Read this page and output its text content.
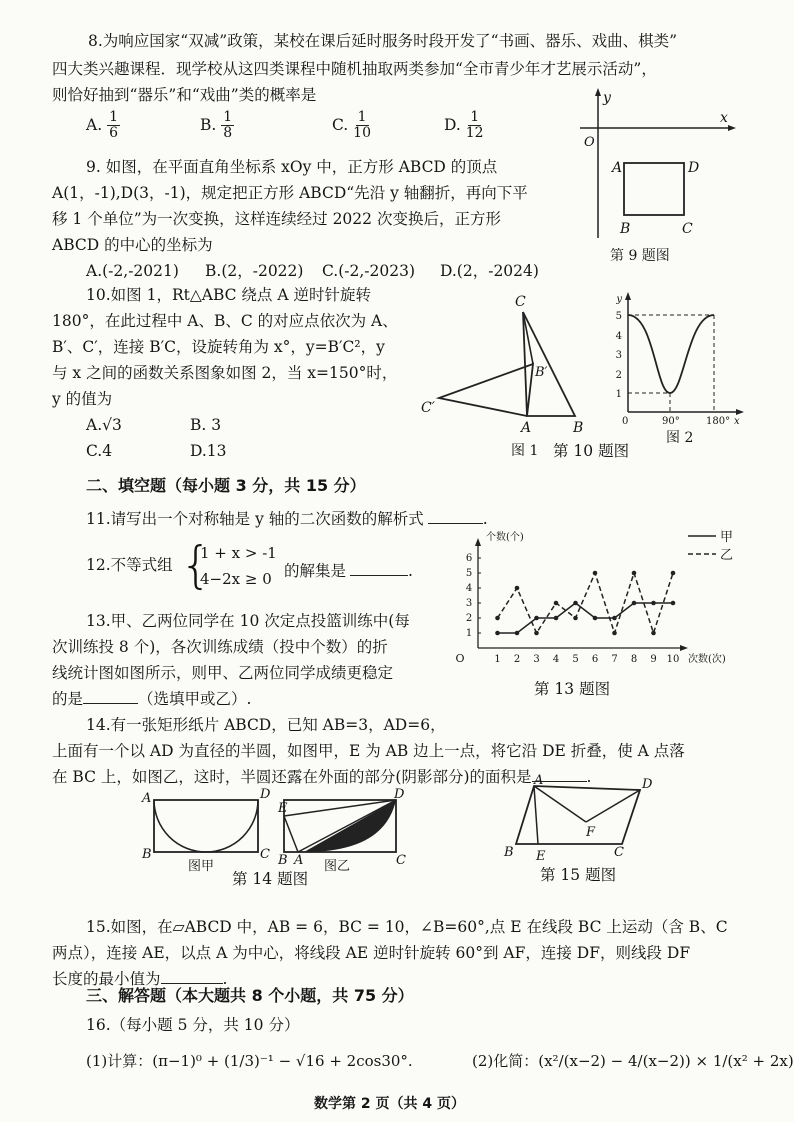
8.为响应国家“双减”政策，某校在课后延时服务时段开发了“书画、器乐、戏曲、棋类”
四大类兴趣课程．现学校从这四类课程中随机抽取两类参加“全市青少年才艺展示活动”，
则恰好抽到“器乐”和“戏曲”类的概率是
A. $\frac{1}{6}$	B. $\frac{1}{8}$	C. $\frac{1}{10}$	D. $\frac{1}{12}$
9. 如图，在平面直角坐标系 xOy 中，正方形 ABCD 的顶点
A(1，-1),D(3，-1)，规定把正方形 ABCD“先沿 y 轴翻折，再向下平
移 1 个单位”为一次变换，这样连续经过 2022 次变换后，正方形
ABCD 的中心的坐标为
A.(-2,-2021) B.(2，-2022) C.(-2,-2023) D.(2，-2024)
y
x
O
A	D
B	C
第 9 题图
10.如图 1，Rt△ABC 绕点 A 逆时针旋转
180°，在此过程中 A、B、C 的对应点依次为 A、
B′、C′，连接 B′C，设旋转角为 x°，y=B′C²，y
与 x 之间的函数关系图象如图 2，当 x=150°时，
y 的值为
A.√3	B. 3
C.4	D.13
C
B′
C′
A	B
图 1
y
5
4
3
2
1
0	90°	180° x
图 2
第 10 题图
二、填空题（每小题 3 分，共 15 分）
11.请写出一个对称轴是 y 轴的二次函数的解析式	.
12.不等式组 {
1 + x > -1
4−2x ≥ 0 的解集是	.
13.甲、乙两位同学在 10 次定点投篮训练中(每
次训练投 8 个)，各次训练成绩（投中个数）的折
线统计图如图所示，则甲、乙两位同学成绩更稳定
的是	（选填甲或乙）.
1
2
3
4
5
6
1 2 3 4 5 6 7 8 9 10
O
个数(个)
次数(次)
甲
乙
第 13 题图
14.有一张矩形纸片 ABCD，已知 AB=3，AD=6，
上面有一个以 AD 为直径的半圆，如图甲，E 为 AB 边上一点，将它沿 DE 折叠，使 A 点落
在 BC 上，如图乙，这时，半圆还露在外面的部分(阴影部分)的面积是	.
A	D
B	C
图甲
E
D
B A	C
图乙
第 14 题图
A	D
F
B E	C
第 15 题图
15.如图，在▱ABCD 中，AB = 6，BC = 10，∠B=60°,点 E 在线段 BC 上运动（含 B、C
两点），连接 AE，以点 A 为中心，将线段 AE 逆时针旋转 60°到 AF，连接 DF，则线段 DF
长度的最小值为	.
三、解答题（本大题共 8 个小题，共 75 分）
16.（每小题 5 分，共 10 分）
(1)计算：(π−1)⁰ + (1/3)⁻¹ − √16 + 2cos30°.	(2)化简：(x²/(x−2) − 4/(x−2)) × 1/(x² + 2x)
数学第 2 页（共 4 页）
